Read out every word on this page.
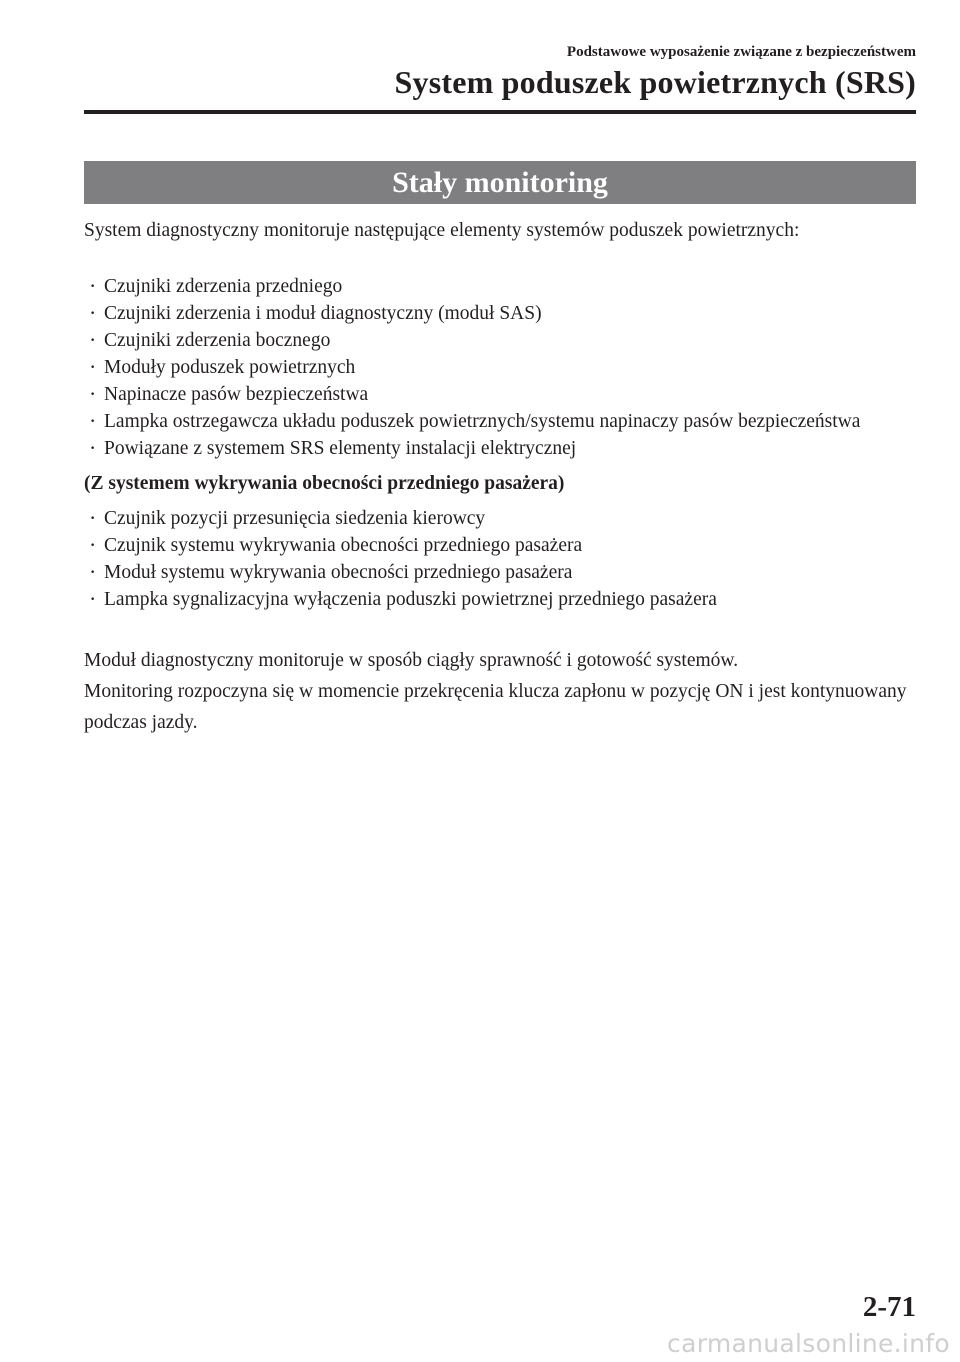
Podstawowe wyposażenie związane z bezpieczeństwem
System poduszek powietrznych (SRS)
Stały monitoring

System diagnostyczny monitoruje następujące elementy systemów poduszek powietrznych:

· Czujniki zderzenia przedniego
· Czujniki zderzenia i moduł diagnostyczny (moduł SAS)
· Czujniki zderzenia bocznego
· Moduły poduszek powietrznych
· Napinacze pasów bezpieczeństwa
· Lampka ostrzegawcza układu poduszek powietrznych/systemu napinaczy pasów bezpieczeństwa
· Powiązane z systemem SRS elementy instalacji elektrycznej

(Z systemem wykrywania obecności przedniego pasażera)

· Czujnik pozycji przesunięcia siedzenia kierowcy
· Czujnik systemu wykrywania obecności przedniego pasażera
· Moduł systemu wykrywania obecności przedniego pasażera
· Lampka sygnalizacyjna wyłączenia poduszki powietrznej przedniego pasażera

Moduł diagnostyczny monitoruje w sposób ciągły sprawność i gotowość systemów.
Monitoring rozpoczyna się w momencie przekręcenia klucza zapłonu w pozycję ON i jest kontynuowany podczas jazdy.

2-71
carmanualsonline.info
